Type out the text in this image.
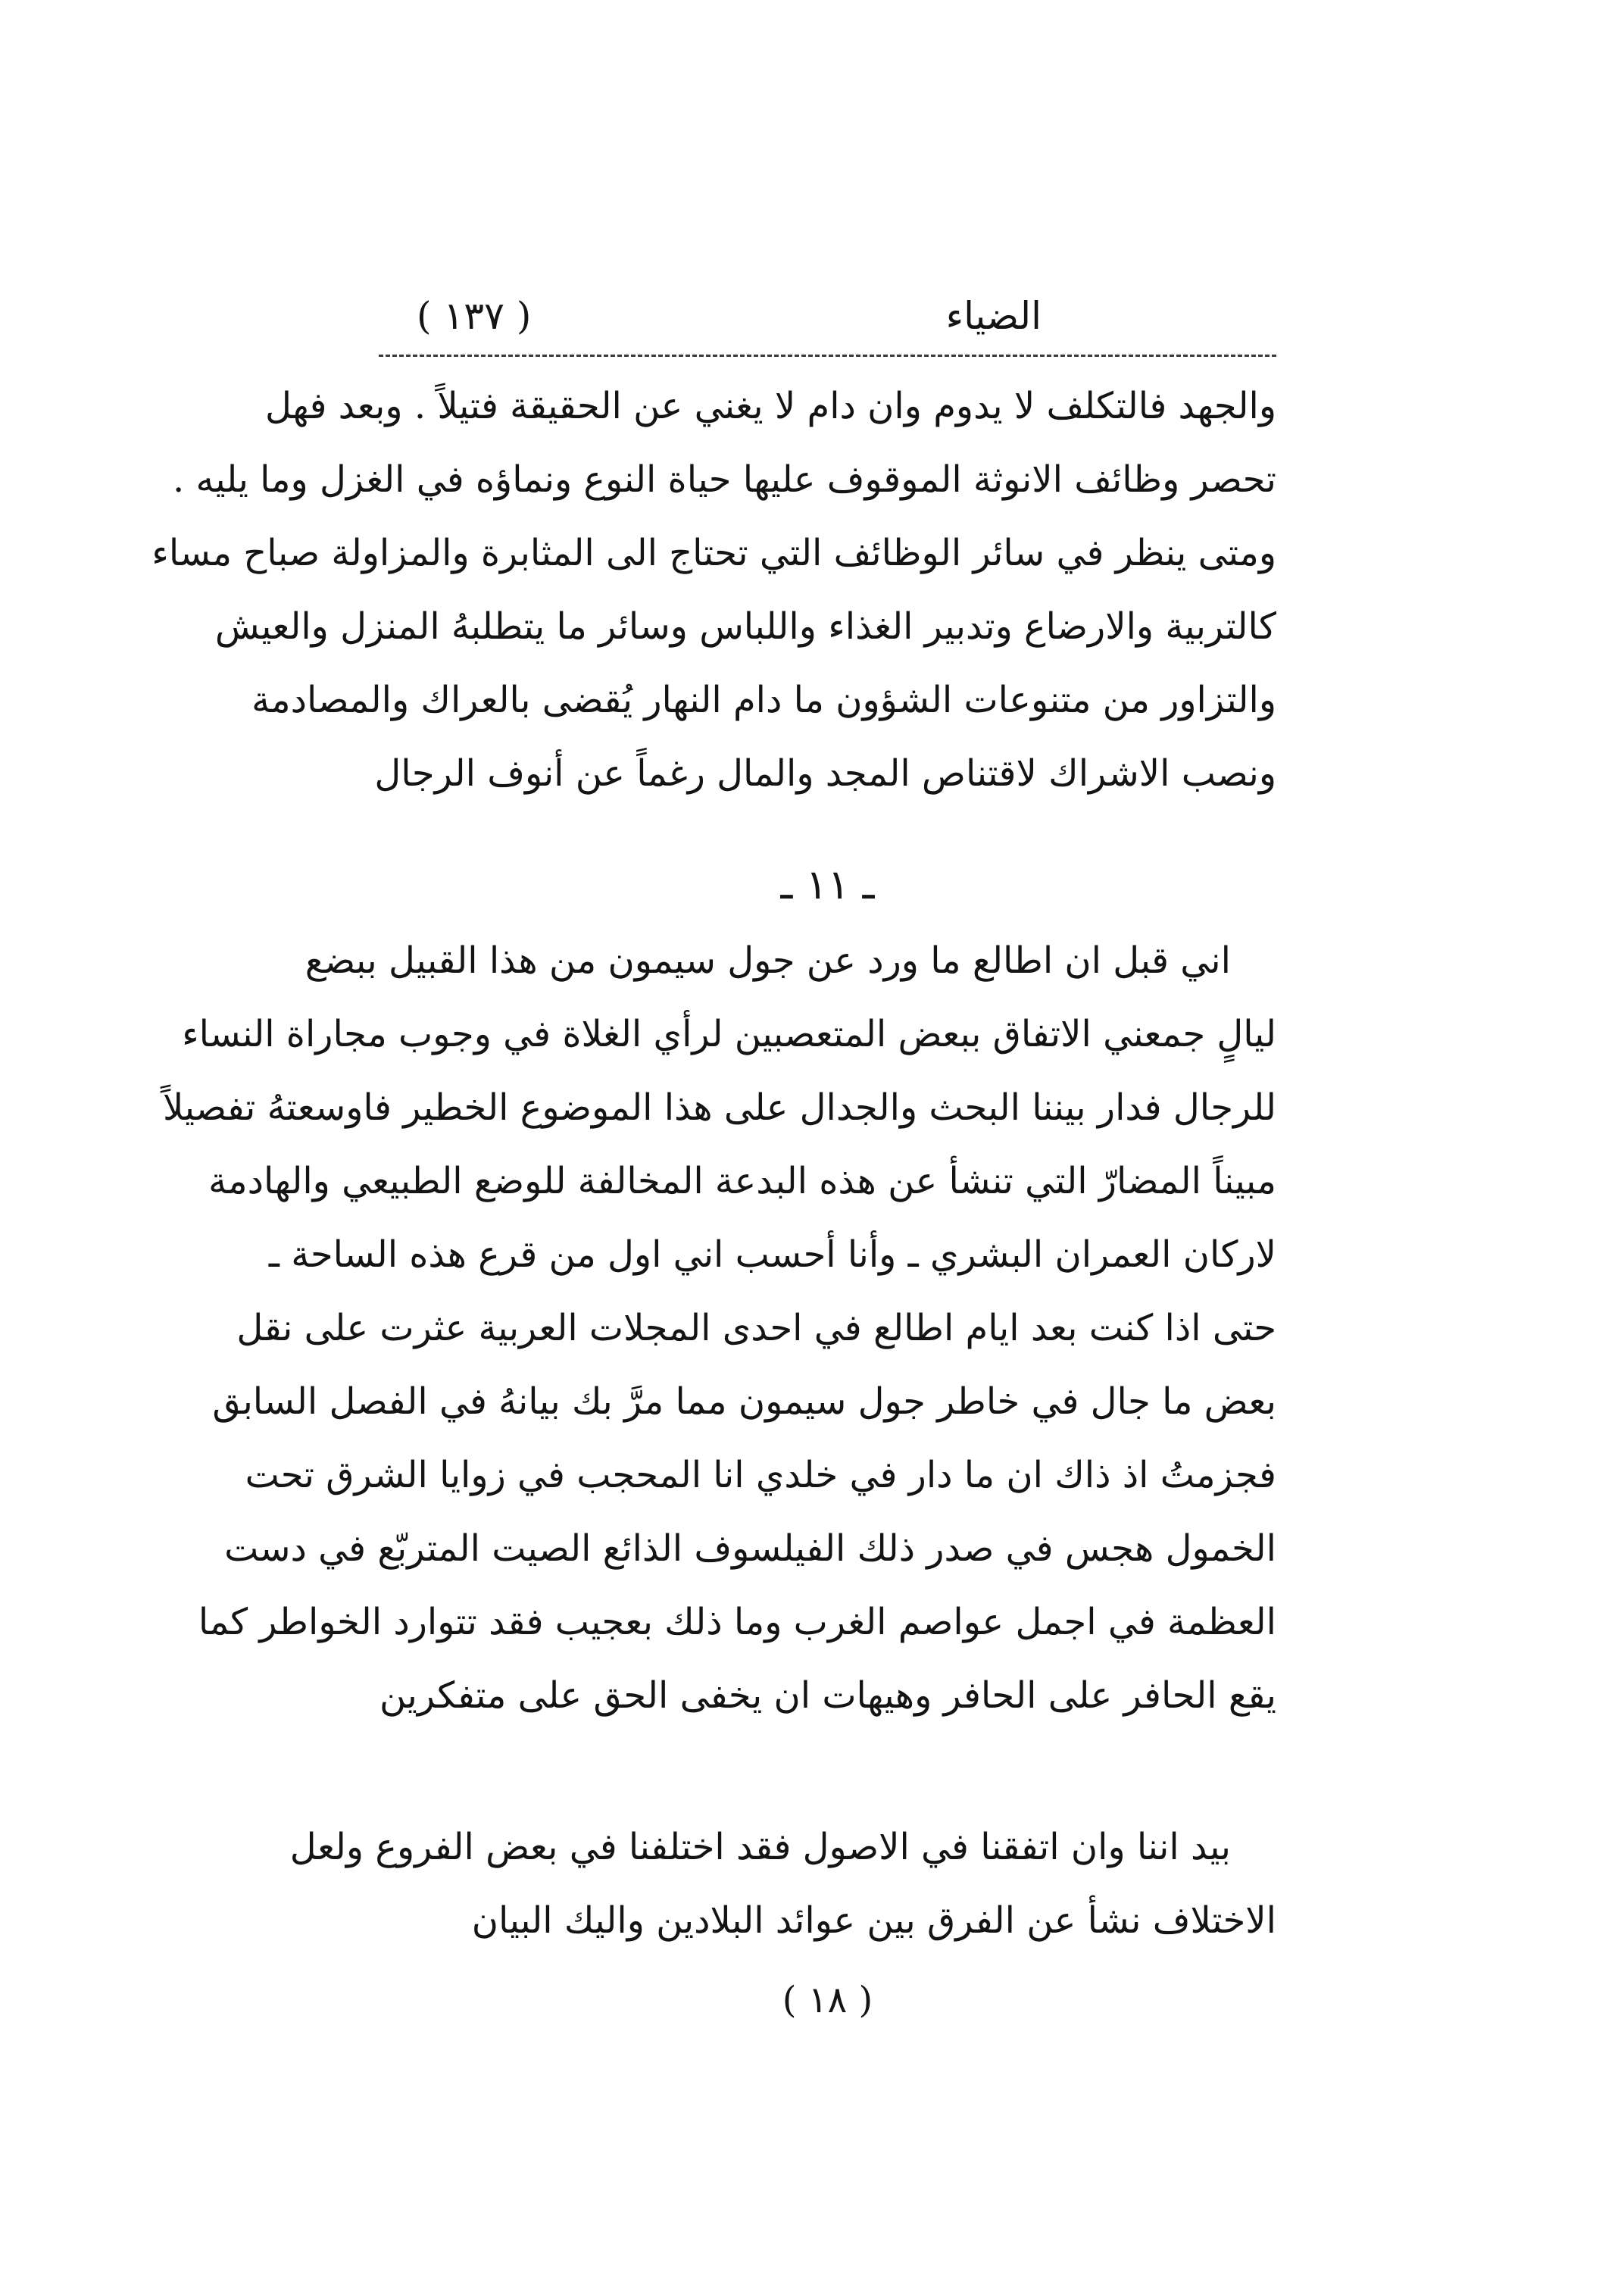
الضياء
( ١٣٧ )
والجهد فالتكلف لا يدوم وان دام لا يغني عن الحقيقة فتيلاً . وبعد فهل
تحصر وظائف الانوثة الموقوف عليها حياة النوع ونماؤه في الغزل وما يليه .
ومتى ينظر في سائر الوظائف التي تحتاج الى المثابرة والمزاولة صباح مساء
كالتربية والارضاع وتدبير الغذاء واللباس وسائر ما يتطلبهُ المنزل والعيش
والتزاور من متنوعات الشؤون ما دام النهار يُقضى بالعراك والمصادمة
ونصب الاشراك لاقتناص المجد والمال رغماً عن أنوف الرجال
ـ ١١ ـ
اني قبل ان اطالع ما ورد عن جول سيمون من هذا القبيل ببضع
ليالٍ جمعني الاتفاق ببعض المتعصبين لرأي الغلاة في وجوب مجاراة النساء
للرجال فدار بيننا البحث والجدال على هذا الموضوع الخطير فاوسعتهُ تفصيلاً
مبيناً المضارّ التي تنشأ عن هذه البدعة المخالفة للوضع الطبيعي والهادمة
لاركان العمران البشري ـ وأنا أحسب اني اول من قرع هذه الساحة ـ
حتى اذا كنت بعد ايام اطالع في احدى المجلات العربية عثرت على نقل
بعض ما جال في خاطر جول سيمون مما مرَّ بك بيانهُ في الفصل السابق
فجزمتُ اذ ذاك ان ما دار في خلدي انا المحجب في زوايا الشرق تحت
الخمول هجس في صدر ذلك الفيلسوف الذائع الصيت المتربّع في دست
العظمة في اجمل عواصم الغرب وما ذلك بعجيب فقد تتوارد الخواطر كما
يقع الحافر على الحافر وهيهات ان يخفى الحق على متفكرين
بيد اننا وان اتفقنا في الاصول فقد اختلفنا في بعض الفروع ولعل
الاختلاف نشأ عن الفرق بين عوائد البلادين واليك البيان
( ١٨ )
